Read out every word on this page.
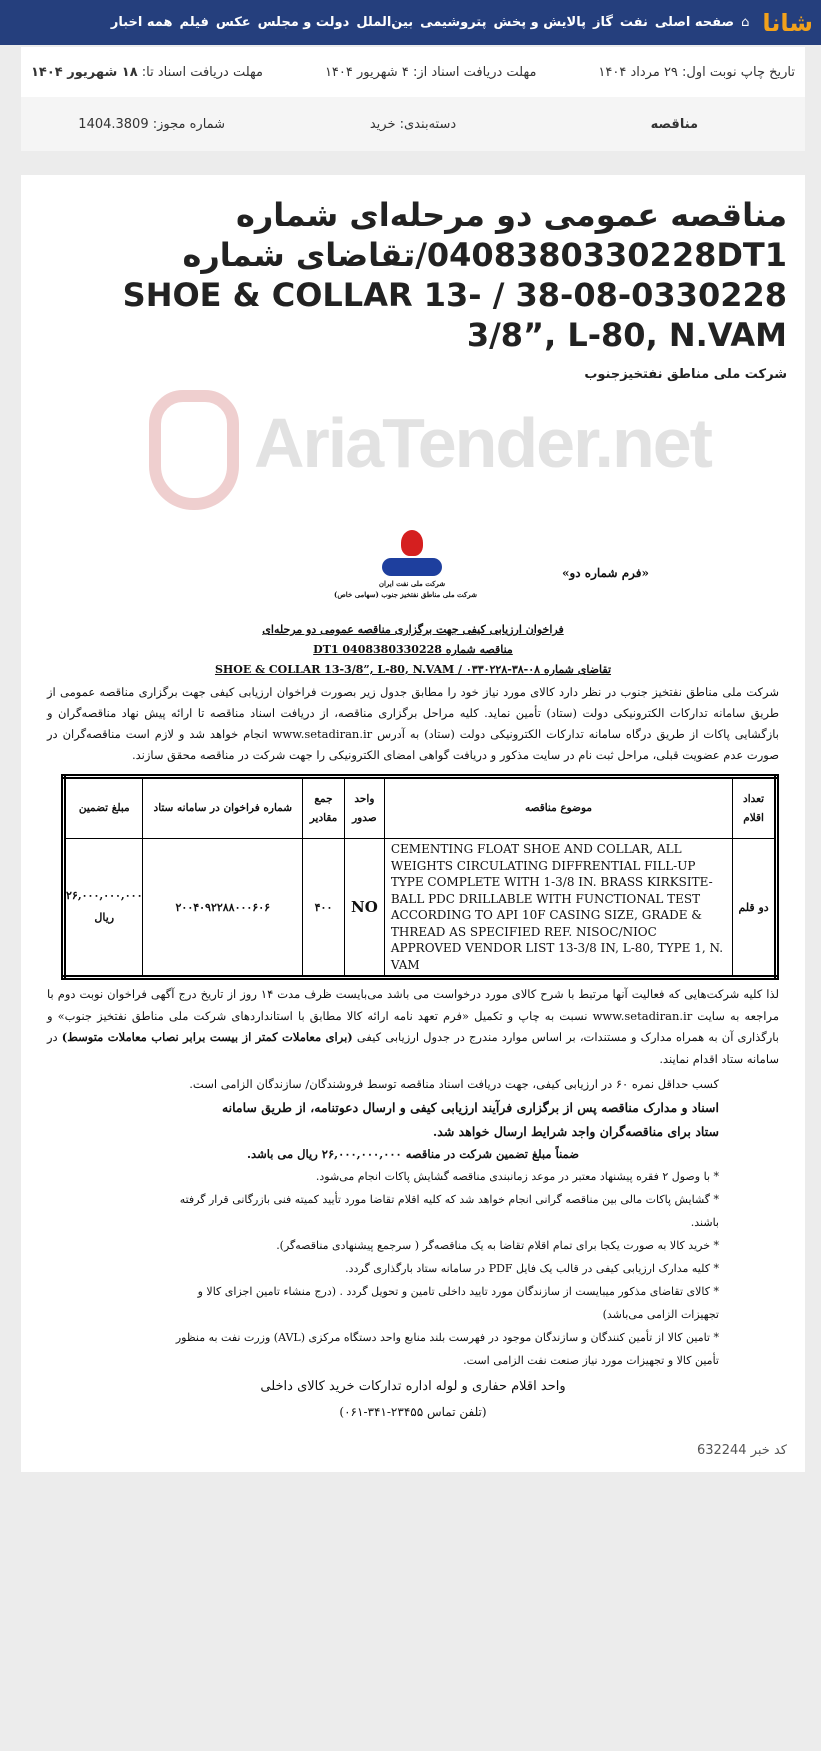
شانا
⌂
صفحه اصلی
نفت
گاز
پالایش و پخش
پتروشیمی
بین‌الملل
دولت و مجلس
عکس
فیلم
همه اخبار
تاریخ چاپ نوبت اول: ۲۹ مرداد ۱۴۰۴
مهلت دریافت اسناد از: ۴ شهریور ۱۴۰۴
مهلت دریافت اسناد تا: ۱۸ شهریور ۱۴۰۴
مناقصه
دسته‌بندی: خرید
شماره مجوز: 1404.3809
مناقصه عمومی دو مرحله‌ای شماره 0408380330228DT1/تقاضای شماره 0330228-08-38 / SHOE & COLLAR 13-3/8”, L-80, N.VAM
شرکت ملی مناطق نفتخیزجنوب
AriaTender.net

شرکت ملی نفت ایران

شرکت ملی مناطق نفتخیز جنوب (سهامی خاص)

«فرم شماره دو»
فراخوان ارزیابی کیفی جهت برگزاری مناقصه عمومی دو مرحله‌ای
مناقصه شماره 0408380330228 DT1
تقاضای شماره ۰۸-۳۸-۰۳۳۰۲۲۸ / SHOE & COLLAR 13-3/8”, L-80, N.VAM
شرکت ملی مناطق نفتخیز جنوب در نظر دارد کالای مورد نیاز خود را مطابق جدول زیر بصورت فراخوان ارزیابی کیفی جهت برگزاری مناقصه عمومی از طریق سامانه تدارکات الکترونیکی دولت (ستاد) تأمین نماید. کلیه مراحل برگزاری مناقصه، از دریافت اسناد مناقصه تا ارائه پیش نهاد مناقصه‌گران و بازگشایی پاکات از طریق درگاه سامانه تدارکات الکترونیکی دولت (ستاد) به آدرس www.setadiran.ir انجام خواهد شد و لازم است مناقصه‌گران در صورت عدم عضویت قبلی، مراحل ثبت نام در سایت مذکور و دریافت گواهی امضای الکترونیکی را جهت شرکت در مناقصه محقق سازند.
تعداد اقلام	موضوع مناقصه	واحد صدور	جمع مقادیر	شماره فراخوان در سامانه ستاد	مبلغ تضمین
دو قلم	CEMENTING FLOAT SHOE AND COLLAR, ALL WEIGHTS CIRCULATING DIFFRENTIAL FILL-UP TYPE COMPLETE WITH 1-3/8 IN. BRASS KIRKSITE-BALL PDC DRILLABLE WITH FUNCTIONAL TEST ACCORDING TO API 10F CASING SIZE, GRADE & THREAD AS SPECIFIED REF. NISOC/NIOC APPROVED VENDOR LIST 13-3/8 IN, L-80, TYPE 1, N. VAM	NO	۴۰۰	۲۰۰۴۰۹۲۲۸۸۰۰۰۶۰۶	۲۶,۰۰۰,۰۰۰,۰۰۰
ریال
لذا کلیه شرکت‌هایی که فعالیت آنها مرتبط با شرح کالای مورد درخواست می باشد می‌بایست ظرف مدت ۱۴ روز از تاریخ درج آگهی فراخوان نوبت دوم با مراجعه به سایت www.setadiran.ir نسبت به چاپ و تکمیل «فرم تعهد نامه ارائه کالا مطابق با استانداردهای شرکت ملی مناطق نفتخیز جنوب» و بارگذاری آن به همراه مدارک و مستندات، بر اساس موارد مندرج در جدول ارزیابی کیفی (برای معاملات کمتر از بیست برابر نصاب معاملات متوسط) در سامانه ستاد اقدام نمایند.
کسب حداقل نمره ۶۰ در ارزیابی کیفی، جهت دریافت اسناد مناقصه توسط فروشندگان/ سازندگان الزامی است.
اسناد و مدارک مناقصه پس از برگزاری فرآیند ارزیابی کیفی و ارسال دعوتنامه، از طریق سامانه ستاد برای مناقصه‌گران واجد شرایط ارسال خواهد شد.
ضمناً مبلغ تضمین شرکت در مناقصه ۲۶,۰۰۰,۰۰۰,۰۰۰ ریال می باشد.
* با وصول ۲ فقره پیشنهاد معتبر در موعد زمانبندی مناقصه گشایش پاکات انجام می‌شود.
* گشایش پاکات مالی بین مناقصه گرانی انجام خواهد شد که کلیه اقلام تقاضا مورد تأیید کمیته فنی بازرگانی قرار گرفته باشند.
* خرید کالا به صورت یکجا برای تمام اقلام تقاضا به یک مناقصه‌گر ( سرجمع پیشنهادی مناقصه‌گر).
* کلیه مدارک ارزیابی کیفی در قالب یک فایل PDF در سامانه ستاد بارگذاری گردد.
* کالای تقاضای مذکور میبایست از سازندگان مورد تایید داخلی تامین و تحویل گردد . (درج منشاء تامین اجزای کالا و تجهیزات الزامی می‌باشد)
* تامین کالا از تأمین کنندگان و سازندگان موجود در فهرست بلند منابع واحد دستگاه مرکزی (AVL) وزرت نفت به منظور تأمین کالا و تجهیزات مورد نیاز صنعت نفت الزامی است.
واحد اقلام حفاری و لوله اداره تدارکات خرید کالای داخلی
(تلفن تماس ۲۳۴۵۵-۳۴۱-۰۶۱)
کد خبر 632244
